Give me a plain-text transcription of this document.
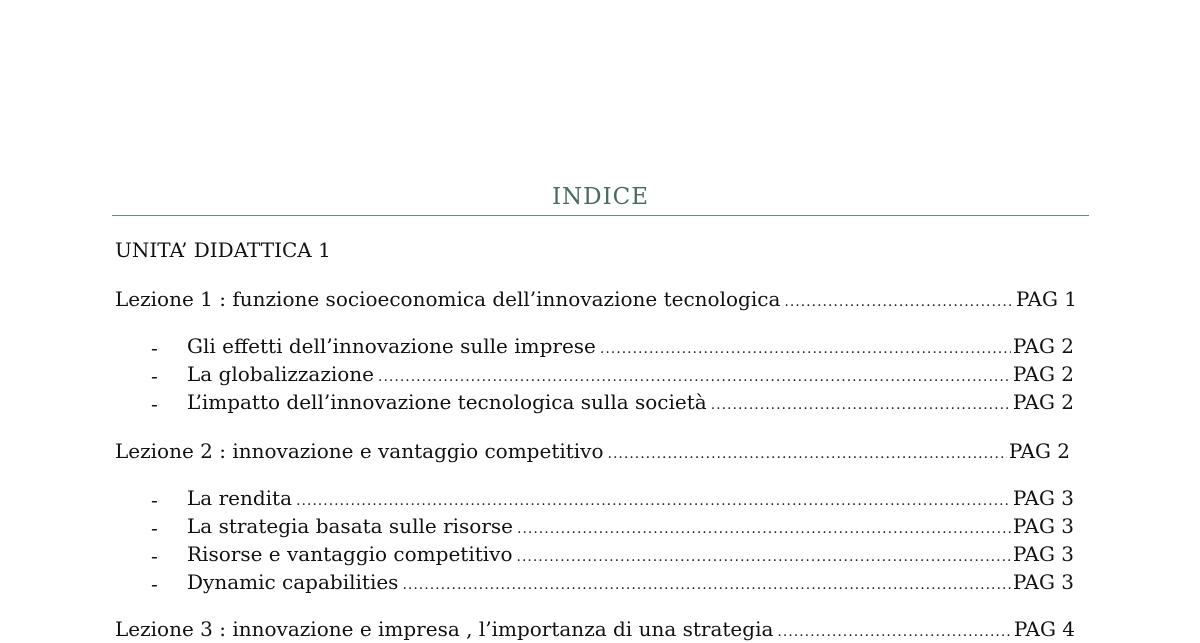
INDICE
UNITA’ DIDATTICA 1
Lezione 1 : funzione socioeconomica dell’innovazione tecnologica .....	PAG 1
- Gli effetti dell’innovazione sulle imprese .....	PAG 2
- La globalizzazione .....	PAG 2
- L’impatto dell’innovazione tecnologica sulla società .....	PAG 2
Lezione 2 : innovazione e vantaggio competitivo .....	PAG 2
- La rendita .....	PAG 3
- La strategia basata sulle risorse .....	PAG 3
- Risorse e vantaggio competitivo .....	PAG 3
- Dynamic capabilities .....	PAG 3
Lezione 3 : innovazione e impresa , l’importanza di una strategia .....	PAG 4
